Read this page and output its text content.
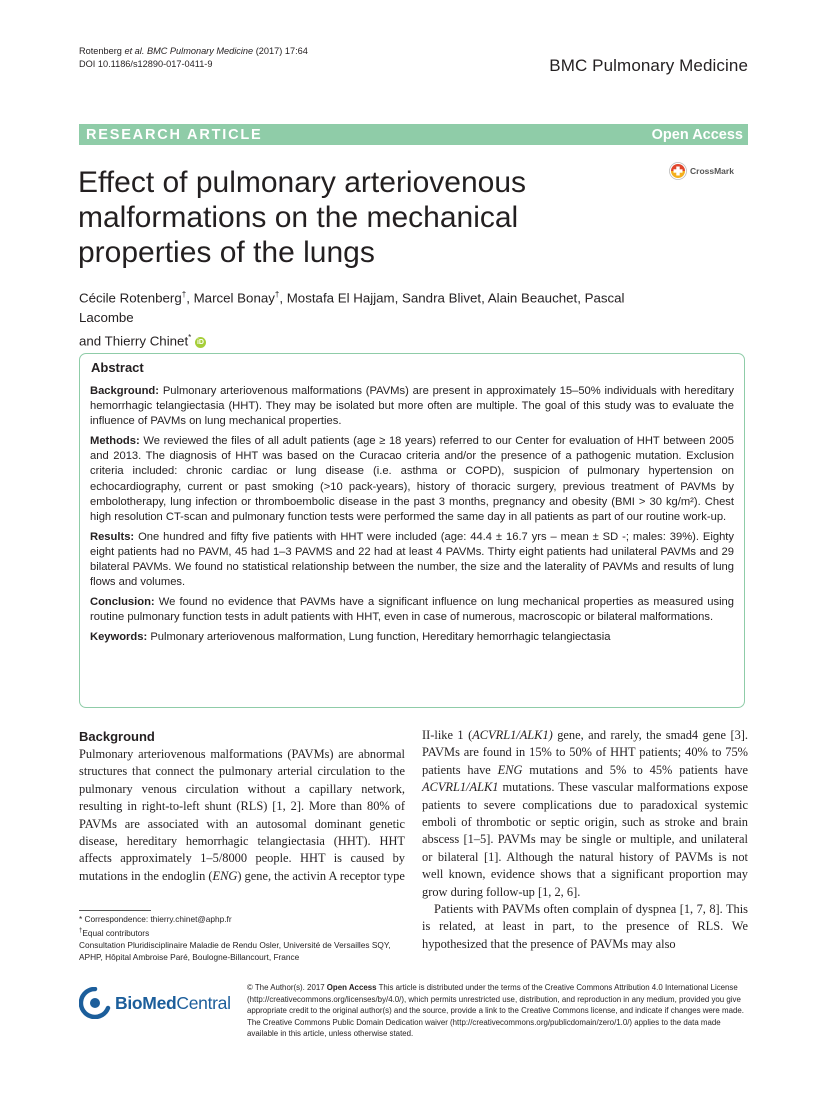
Rotenberg et al. BMC Pulmonary Medicine (2017) 17:64
DOI 10.1186/s12890-017-0411-9	BMC Pulmonary Medicine
RESEARCH ARTICLE	Open Access
CrossMark
Effect of pulmonary arteriovenous malformations on the mechanical properties of the lungs
Cécile Rotenberg†, Marcel Bonay†, Mostafa El Hajjam, Sandra Blivet, Alain Beauchet, Pascal Lacombe
and Thierry Chinet* iD
Abstract

Background: Pulmonary arteriovenous malformations (PAVMs) are present in approximately 15–50% individuals with hereditary hemorrhagic telangiectasia (HHT). They may be isolated but more often are multiple. The goal of this study was to evaluate the influence of PAVMs on lung mechanical properties.

Methods: We reviewed the files of all adult patients (age ≥ 18 years) referred to our Center for evaluation of HHT between 2005 and 2013. The diagnosis of HHT was based on the Curacao criteria and/or the presence of a pathogenic mutation. Exclusion criteria included: chronic cardiac or lung disease (i.e. asthma or COPD), suspicion of pulmonary hypertension on echocardiography, current or past smoking (>10 pack-years), history of thoracic surgery, previous treatment of PAVMs by embolotherapy, lung infection or thromboembolic disease in the past 3 months, pregnancy and obesity (BMI > 30 kg/m²). Chest high resolution CT-scan and pulmonary function tests were performed the same day in all patients as part of our routine work-up.

Results: One hundred and fifty five patients with HHT were included (age: 44.4 ± 16.7 yrs – mean ± SD -; males: 39%). Eighty eight patients had no PAVM, 45 had 1–3 PAVMS and 22 had at least 4 PAVMs. Thirty eight patients had unilateral PAVMs and 29 bilateral PAVMs. We found no statistical relationship between the number, the size and the laterality of PAVMs and results of lung flows and volumes.

Conclusion: We found no evidence that PAVMs have a significant influence on lung mechanical properties as measured using routine pulmonary function tests in adult patients with HHT, even in case of numerous, macroscopic or bilateral malformations.

Keywords: Pulmonary arteriovenous malformation, Lung function, Hereditary hemorrhagic telangiectasia

Background

Pulmonary arteriovenous malformations (PAVMs) are abnormal structures that connect the pulmonary arterial circulation to the pulmonary venous circulation without a capillary network, resulting in right-to-left shunt (RLS) [1, 2]. More than 80% of PAVMs are associated with an autosomal dominant genetic disease, hereditary hemorrhagic telangiectasia (HHT). HHT affects approximately 1–5/8000 people. HHT is caused by mutations in the endoglin (ENG) gene, the activin A receptor type

II-like 1 (ACVRL1/ALK1) gene, and rarely, the smad4 gene [3]. PAVMs are found in 15% to 50% of HHT patients; 40% to 75% patients have ENG mutations and 5% to 45% patients have ACVRL1/ALK1 mutations. These vascular malformations expose patients to severe complications due to paradoxical systemic emboli of thrombotic or septic origin, such as stroke and brain abscess [1–5]. PAVMs may be single or multiple, and unilateral or bilateral [1]. Although the natural history of PAVMs is not well known, evidence shows that a significant proportion may grow during follow-up [1, 2, 6].

Patients with PAVMs often complain of dyspnea [1, 7, 8]. This is related, at least in part, to the presence of RLS. We hypothesized that the presence of PAVMs may also

* Correspondence: thierry.chinet@aphp.fr
†Equal contributors
Consultation Pluridisciplinaire Maladie de Rendu Osler, Université de Versailles SQY, APHP, Hôpital Ambroise Paré, Boulogne-Billancourt, France
BioMedCentral
© The Author(s). 2017 Open Access This article is distributed under the terms of the Creative Commons Attribution 4.0 International License (http://creativecommons.org/licenses/by/4.0/), which permits unrestricted use, distribution, and reproduction in any medium, provided you give appropriate credit to the original author(s) and the source, provide a link to the Creative Commons license, and indicate if changes were made. The Creative Commons Public Domain Dedication waiver (http://creativecommons.org/publicdomain/zero/1.0/) applies to the data made available in this article, unless otherwise stated.
